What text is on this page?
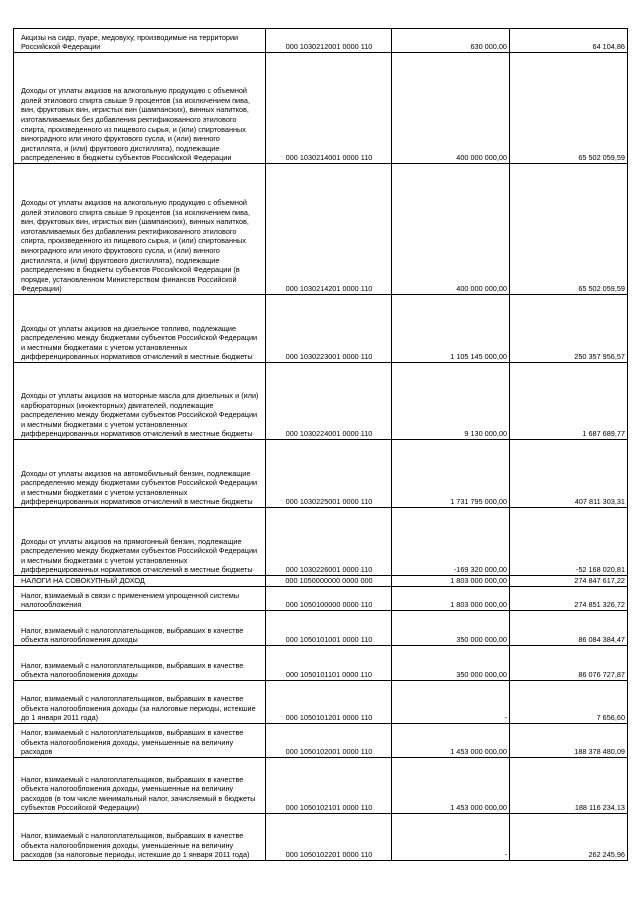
Акцизы на сидр, пуаре, медовуху, производимые на территории Российской Федерации	000 1030212001 0000 110	630 000,00	64 104,86
Доходы от уплаты акцизов на алкогольную продукцию с объемной долей этилового спирта свыше 9 процентов (за исключением пива, вин, фруктовых вин, игристых вин (шампанских), винных напитков, изготавливаемых без добавления ректификованного этилового спирта, произведенного из пищевого сырья, и (или) спиртованных виноградного или иного фруктового сусла, и (или) винного дистиллята, и (или) фруктового дистиллята), подлежащие распределению в бюджеты субъектов Российской Федерации	000 1030214001 0000 110	400 000 000,00	65 502 059,59
Доходы от уплаты акцизов на алкогольную продукцию с объемной долей этилового спирта свыше 9 процентов (за исключением пива, вин, фруктовых вин, игристых вин (шампанских), винных напитков, изготавливаемых без добавления ректификованного этилового спирта, произведенного из пищевого сырья, и (или) спиртованных виноградного или иного фруктового сусла, и (или) винного дистиллята, и (или) фруктового дистиллята), подлежащие распределению в бюджеты субъектов Российской Федерации (в порядке, установленном Министерством финансов Российской Федерации)	000 1030214201 0000 110	400 000 000,00	65 502 059,59
Доходы от уплаты акцизов на дизельное топливо, подлежащие распределению между бюджетами субъектов Российской Федерации и местными бюджетами с учетом установленных дифференцированных нормативов отчислений в местные бюджеты	000 1030223001 0000 110	1 105 145 000,00	250 357 956,57
Доходы от уплаты акцизов на моторные масла для дизельных и (или) карбюраторных (инжекторных) двигателей, подлежащие распределению между бюджетами субъектов Российской Федерации и местными бюджетами с учетом установленных дифференцированных нормативов отчислений в местные бюджеты	000 1030224001 0000 110	9 130 000,00	1 687 689,77
Доходы от уплаты акцизов на автомобильный бензин, подлежащие распределению между бюджетами субъектов Российской Федерации и местными бюджетами с учетом установленных дифференцированных нормативов отчислений в местные бюджеты	000 1030225001 0000 110	1 731 795 000,00	407 811 303,31
Доходы от уплаты акцизов на прямогонный бензин, подлежащие распределению между бюджетами субъектов Российской Федерации и местными бюджетами с учетом установленных дифференцированных нормативов отчислений в местные бюджеты	000 1030226001 0000 110	-169 320 000,00	-52 168 020,81
НАЛОГИ НА СОВОКУПНЫЙ ДОХОД	000 1050000000 0000 000	1 803 000 000,00	274 847 617,22
Налог, взимаемый в связи с применением упрощенной системы налогообложения	000 1050100000 0000 110	1 803 000 000,00	274 851 326,72
Налог, взимаемый с налогоплательщиков, выбравших в качестве объекта налогообложения доходы	000 1050101001 0000 110	350 000 000,00	86 084 384,47
Налог, взимаемый с налогоплательщиков, выбравших в качестве объекта налогообложения доходы	000 1050101101 0000 110	350 000 000,00	86 076 727,87
Налог, взимаемый с налогоплательщиков, выбравших в качестве объекта налогообложения доходы (за налоговые периоды, истекшие до 1 января 2011 года)	000 1050101201 0000 110	-	7 656,60
Налог, взимаемый с налогоплательщиков, выбравших в качестве объекта налогообложения доходы, уменьшенные на величину расходов	000 1050102001 0000 110	1 453 000 000,00	188 378 480,09
Налог, взимаемый с налогоплательщиков, выбравших в качестве объекта налогообложения доходы, уменьшенные на величину расходов (в том числе минимальный налог, зачисляемый в бюджеты субъектов Российской Федерации)	000 1050102101 0000 110	1 453 000 000,00	188 116 234,13
Налог, взимаемый с налогоплательщиков, выбравших в качестве объекта налогообложения доходы, уменьшенные на величину расходов (за налоговые периоды, истекшие до 1 января 2011 года)	000 1050102201 0000 110	-	262 245,96
